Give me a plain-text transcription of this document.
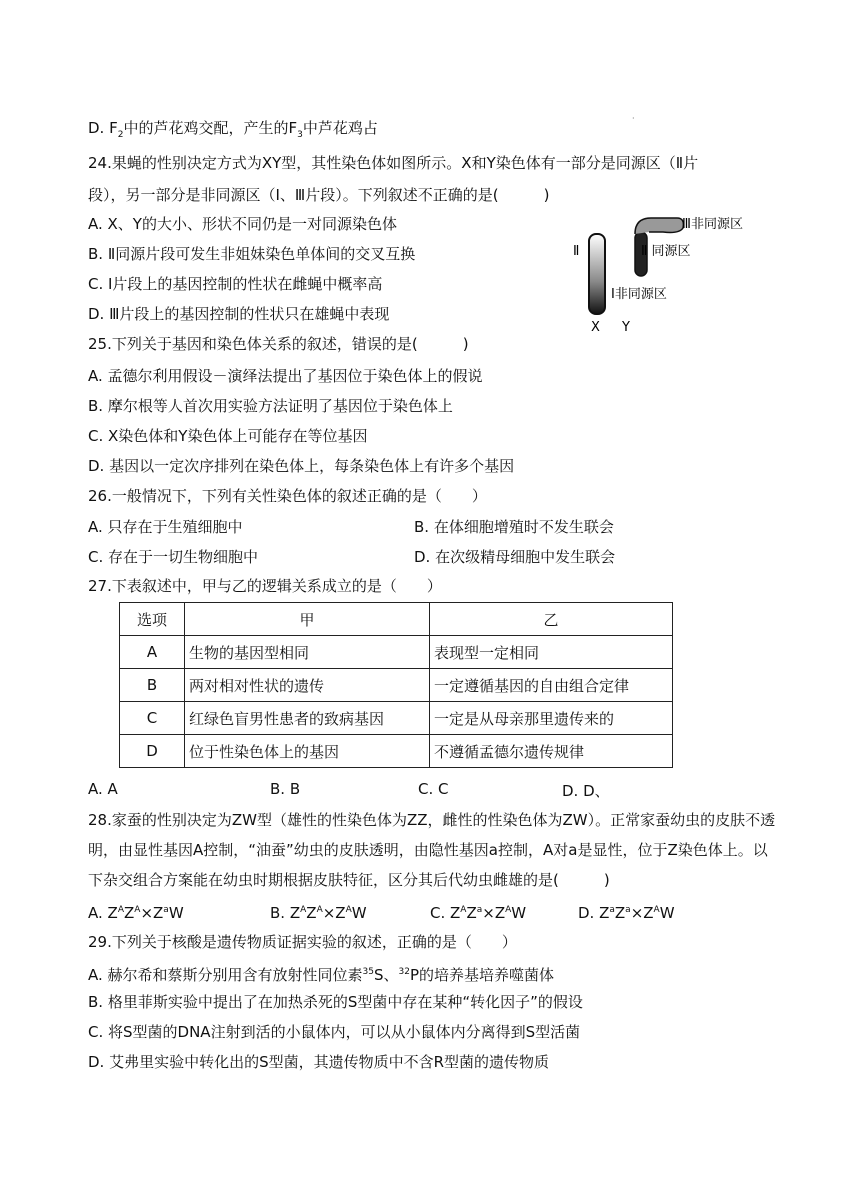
·
D. $F_2$中的芦花鸡交配，产生的$F_3$中芦花鸡占
24.果蝇的性别决定方式为XY型，其性染色体如图所示。X和Y染色体有一部分是同源区（Ⅱ片
段），另一部分是非同源区（Ⅰ、Ⅲ片段）。下列叙述不正确的是(　　　)
A. X、Y的大小、形状不同仍是一对同源染色体
B. Ⅱ同源片段可发生非姐妹染色单体间的交叉互换
C. Ⅰ片段上的基因控制的性状在雌蝇中概率高
D. Ⅲ片段上的基因控制的性状只在雄蝇中表现
Ⅲ非同源区
Ⅱ 同源区
Ⅱ
Ⅰ非同源区
X Y
25.下列关于基因和染色体关系的叙述，错误的是(　　　)
A. 孟德尔利用假设－演绎法提出了基因位于染色体上的假说
B. 摩尔根等人首次用实验方法证明了基因位于染色体上
C. X染色体和Y染色体上可能存在等位基因
D. 基因以一定次序排列在染色体上，每条染色体上有许多个基因
26.一般情况下，下列有关性染色体的叙述正确的是（　　）
A. 只存在于生殖细胞中	B. 在体细胞增殖时不发生联会
C. 存在于一切生物细胞中	D. 在次级精母细胞中发生联会
27.下表叙述中，甲与乙的逻辑关系成立的是（　　）
选项	甲	乙
A	生物的基因型相同	表现型一定相同
B	两对相对性状的遗传	一定遵循基因的自由组合定律
C	红绿色盲男性患者的致病基因	一定是从母亲那里遗传来的
D	位于性染色体上的基因	不遵循孟德尔遗传规律
A. A	B. B	C. C	D. D、
28.家蚕的性别决定为ZW型（雄性的性染色体为ZZ，雌性的性染色体为ZW）。正常家蚕幼虫的皮肤不透明，由显性基因A控制，“油蚕”幼虫的皮肤透明，由隐性基因a控制，A对a是显性，位于Z染色体上。以下杂交组合方案能在幼虫时期根据皮肤特征，区分其后代幼虫雌雄的是(　　　)
A. $Z^AZ^A\times Z^aW$	B. $Z^AZ^A\times Z^AW$	C. $Z^AZ^a\times Z^AW$	D. $Z^aZ^a\times Z^AW$
29.下列关于核酸是遗传物质证据实验的叙述，正确的是（　　）
A. 赫尔希和蔡斯分别用含有放射性同位素$^{35}$S、$^{32}$P的培养基培养噬菌体
B. 格里菲斯实验中提出了在加热杀死的S型菌中存在某种“转化因子”的假设
C. 将S型菌的DNA注射到活的小鼠体内，可以从小鼠体内分离得到S型活菌
D. 艾弗里实验中转化出的S型菌，其遗传物质中不含R型菌的遗传物质
